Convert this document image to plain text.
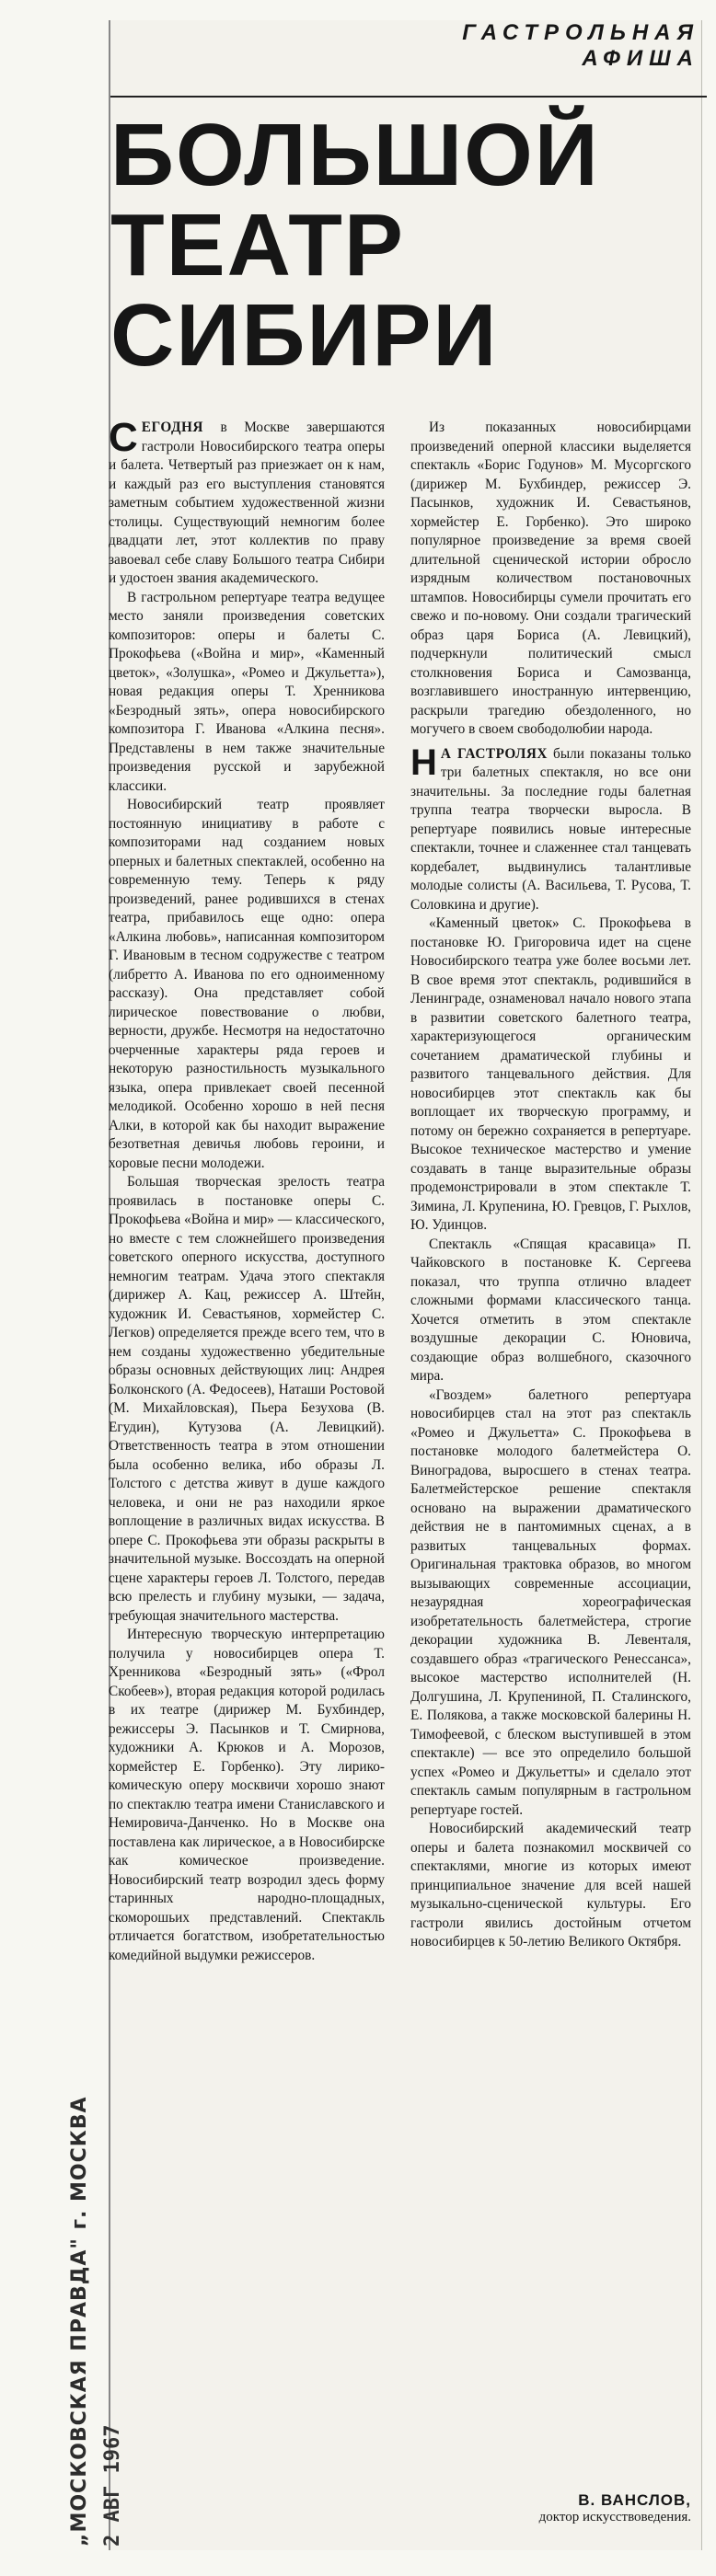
ГАСТРОЛЬНАЯ
АФИША
БОЛЬШОЙ
ТЕАТР
СИБИРИ

СЕГОДНЯ в Москве завершаются гастроли Новосибирского театра оперы и балета. Четвертый раз приезжает он к нам, и каждый раз его выступления становятся заметным событием художественной жизни столицы. Существующий немногим более двадцати лет, этот коллектив по праву завоевал себе славу Большого театра Сибири и удостоен звания академического.

В гастрольном репертуаре театра ведущее место заняли произведения советских композиторов: оперы и балеты С. Прокофьева («Война и мир», «Каменный цветок», «Золушка», «Ромео и Джульетта»), новая редакция оперы Т. Хренникова «Безродный зять», опера новосибирского композитора Г. Иванова «Алкина песня». Представлены в нем также значительные произведения русской и зарубежной классики.

Новосибирский театр проявляет постоянную инициативу в работе с композиторами над созданием новых оперных и балетных спектаклей, особенно на современную тему. Теперь к ряду произведений, ранее родившихся в стенах театра, прибавилось еще одно: опера «Алкина любовь», написанная композитором Г. Ивановым в тесном содружестве с театром (либретто А. Иванова по его одноименному рассказу). Она представляет собой лирическое повествование о любви, верности, дружбе. Несмотря на недостаточно очерченные характеры ряда героев и некоторую разностильность музыкального языка, опера привлекает своей песенной мелодикой. Особенно хорошо в ней песня Алки, в которой как бы находит выражение безответная девичья любовь героини, и хоровые песни молодежи.

Большая творческая зрелость театра проявилась в постановке оперы С. Прокофьева «Война и мир» — классического, но вместе с тем сложнейшего произведения советского оперного искусства, доступного немногим театрам. Удача этого спектакля (дирижер А. Кац, режиссер А. Штейн, художник И. Севастьянов, хормейстер С. Легков) определяется прежде всего тем, что в нем созданы художественно убедительные образы основных действующих лиц: Андрея Болконского (А. Федосеев), Наташи Ростовой (М. Михайловская), Пьера Безухова (В. Егудин), Кутузова (А. Левицкий). Ответственность театра в этом отношении была особенно велика, ибо образы Л. Толстого с детства живут в душе каждого человека, и они не раз находили яркое воплощение в различных видах искусства. В опере С. Прокофьева эти образы раскрыты в значительной музыке. Воссоздать на оперной сцене характеры героев Л. Толстого, передав всю прелесть и глубину музыки, — задача, требующая значительного мастерства.

Интересную творческую интерпретацию получила у новосибирцев опера Т. Хренникова «Безродный зять» («Фрол Скобеев»), вторая редакция которой родилась в их театре (дирижер М. Бухбиндер, режиссеры Э. Пасынков и Т. Смирнова, художники А. Крюков и А. Морозов, хормейстер Е. Горбенко). Эту лирико-комическую оперу москвичи хорошо знают по спектаклю театра имени Станиславского и Немировича-Данченко. Но в Москве она поставлена как лирическое, а в Новосибирске как комическое произведение. Новосибирский театр возродил здесь форму старинных народно-площадных, скоморошьих представлений. Спектакль отличается богатством, изобретательностью комедийной выдумки режиссеров.

Из показанных новосибирцами произведений оперной классики выделяется спектакль «Борис Годунов» М. Мусоргского (дирижер М. Бухбиндер, режиссер Э. Пасынков, художник И. Севастьянов, хормейстер Е. Горбенко). Это широко популярное произведение за время своей длительной сценической истории обросло изрядным количеством постановочных штампов. Новосибирцы сумели прочитать его свежо и по-новому. Они создали трагический образ царя Бориса (А. Левицкий), подчеркнули политический смысл столкновения Бориса и Самозванца, возглавившего иностранную интервенцию, раскрыли трагедию обездоленного, но могучего в своем свободолюбии народа.

Н А ГАСТРОЛЯХ были показаны только три балетных спектакля, но все они значительны. За последние годы балетная труппа театра творчески выросла. В репертуаре появились новые интересные спектакли, точнее и слаженнее стал танцевать кордебалет, выдвинулись талантливые молодые солисты (А. Васильева, Т. Русова, Т. Соловкина и другие).

«Каменный цветок» С. Прокофьева в постановке Ю. Григоровича идет на сцене Новосибирского театра уже более восьми лет. В свое время этот спектакль, родившийся в Ленинграде, ознаменовал начало нового этапа в развитии советского балетного театра, характеризующегося органическим сочетанием драматической глубины и развитого танцевального действия. Для новосибирцев этот спектакль как бы воплощает их творческую программу, и потому он бережно сохраняется в репертуаре. Высокое техническое мастерство и умение создавать в танце выразительные образы продемонстрировали в этом спектакле Т. Зимина, Л. Крупенина, Ю. Гревцов, Г. Рыхлов, Ю. Удинцов.

Спектакль «Спящая красавица» П. Чайковского в постановке К. Сергеева показал, что труппа отлично владеет сложными формами классического танца. Хочется отметить в этом спектакле воздушные декорации С. Юновича, создающие образ волшебного, сказочного мира.

«Гвоздем» балетного репертуара новосибирцев стал на этот раз спектакль «Ромео и Джульетта» С. Прокофьева в постановке молодого балетмейстера О. Виноградова, выросшего в стенах театра. Балетмейстерское решение спектакля основано на выражении драматического действия не в пантомимных сценах, а в развитых танцевальных формах. Оригинальная трактовка образов, во многом вызывающих современные ассоциации, незаурядная хореографическая изобретательность балетмейстера, строгие декорации художника В. Левенталя, создавшего образ «трагического Ренессанса», высокое мастерство исполнителей (Н. Долгушина, Л. Крупениной, П. Сталинского, Е. Полякова, а также московской балерины Н. Тимофеевой, с блеском выступившей в этом спектакле) — все это определило большой успех «Ромео и Джульетты» и сделало этот спектакль самым популярным в гастрольном репертуаре гостей.

Новосибирский академический театр оперы и балета познакомил москвичей со спектаклями, многие из которых имеют принципиальное значение для всей нашей музыкально-сценической культуры. Его гастроли явились достойным отчетом новосибирцев к 50-летию Великого Октября.

В. ВАНСЛОВ,
доктор искусствоведения.
„МОСКОВСКАЯ ПРАВДА" г. МОСКВА 2 АВГ 1967
